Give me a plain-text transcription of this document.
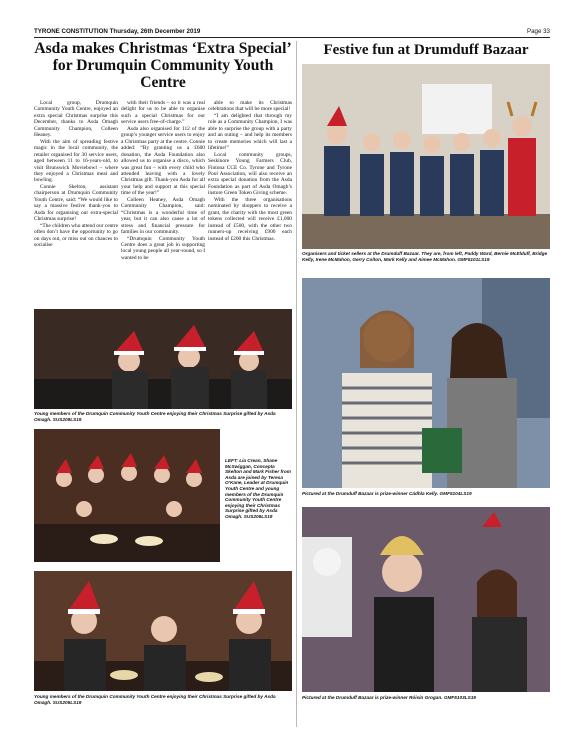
TYRONE CONSTITUTION Thursday, 26th December 2019	Page 33
Asda makes Christmas ‘Extra Special’ for Drumquin Community Youth Centre

Local group, Drumquin Community Youth Centre, enjoyed an extra special Christmas surprise this December, thanks to Asda Omagh Community Champion, Colleen Heaney.

With the aim of spreading festive magic in the local community, the retailer organised for 30 service users, aged between 11 to 16-years-old, to visit Brunswick Moviebowl – where they enjoyed a Christmas meal and bowling.

Connie Skelton, assistant chairperson at Drumquin Community Youth Centre, said: “We would like to say a massive festive thank-you to Asda for organising our extra-special Christmas surprise!

“The children who attend our centre often don’t have the opportunity to go on days out, or miss out on chances to socialise

with their friends – so it was a real delight for us to be able to organise such a special Christmas for our service users free-of-charge.”

Asda also organised for 112 of the group’s younger service users to enjoy a Christmas party at the centre. Connie added: “By granting us a £600 donation, the Asda Foundation also allowed us to organise a disco, which was great fun – with every child who attended leaving with a lovely Christmas gift. Thank-you Asda for all your help and support at this special time of the year!”

Colleen Heaney, Asda Omagh Community Champion, said: “Christmas is a wonderful time of year, but it can also cause a lot of stress and financial pressure for families in our community.

“Drumquin Community Youth Centre does a great job in supporting local young people all year-round, so I wanted to be

able to make its Christmas celebrations that will be more special!

“I am delighted that through my role as a Community Champion, I was able to surprise the group with a party and an outing – and help its members to create memories which will last a lifetime!”

Local community groups, Seskinore Young Farmers Club, Fintona CCE Co. Tyrone and Tyrone Pool Association, will also receive an extra special donation from the Asda Foundation as part of Asda Omagh’s instore Green Token Giving scheme.

With the three organisations nominated by shoppers to receive a grant, the charity with the most green tokens collected will receive £1,000 instead of £500, with the other two runners-up receiving £900 each instead of £200 this Christmas.

Young members of the Drumquin Community Youth Centre enjoying their Christmas Surprise gifted by Asda Omagh. SUS208LS19

LEFT: Lia Crean, Shane McSwiggan, Concepta Skelton and Mark Fisher from Asda are joined by Teresa O’Kane, Leader at Drumquin Youth Centre and young members of the Drumquin Community Youth Centre enjoying their Christmas Surprise gifted by Asda Omagh. SUS206LS19

Young members of the Drumquin Community Youth Centre enjoying their Christmas Surprise gifted by Asda Omagh. SUS205LS19

Festive fun at Drumduff Bazaar

Organisers and ticket sellers at the Drumduff Bazaar. They are, from left, Paddy Ward, Bernie McElduff, Bridge Kelly, Irene McMahon, Gerry Colton, Mark Kelly and Aimee McMahon. GMF5101LS19

Pictured at the Drumduff Bazaar is prize-winner Cádhla Kelly. GMF5104LS19

Pictured at the Drumduff Bazaar is prize-winner Róisín Grogan. GMF5103LS19
